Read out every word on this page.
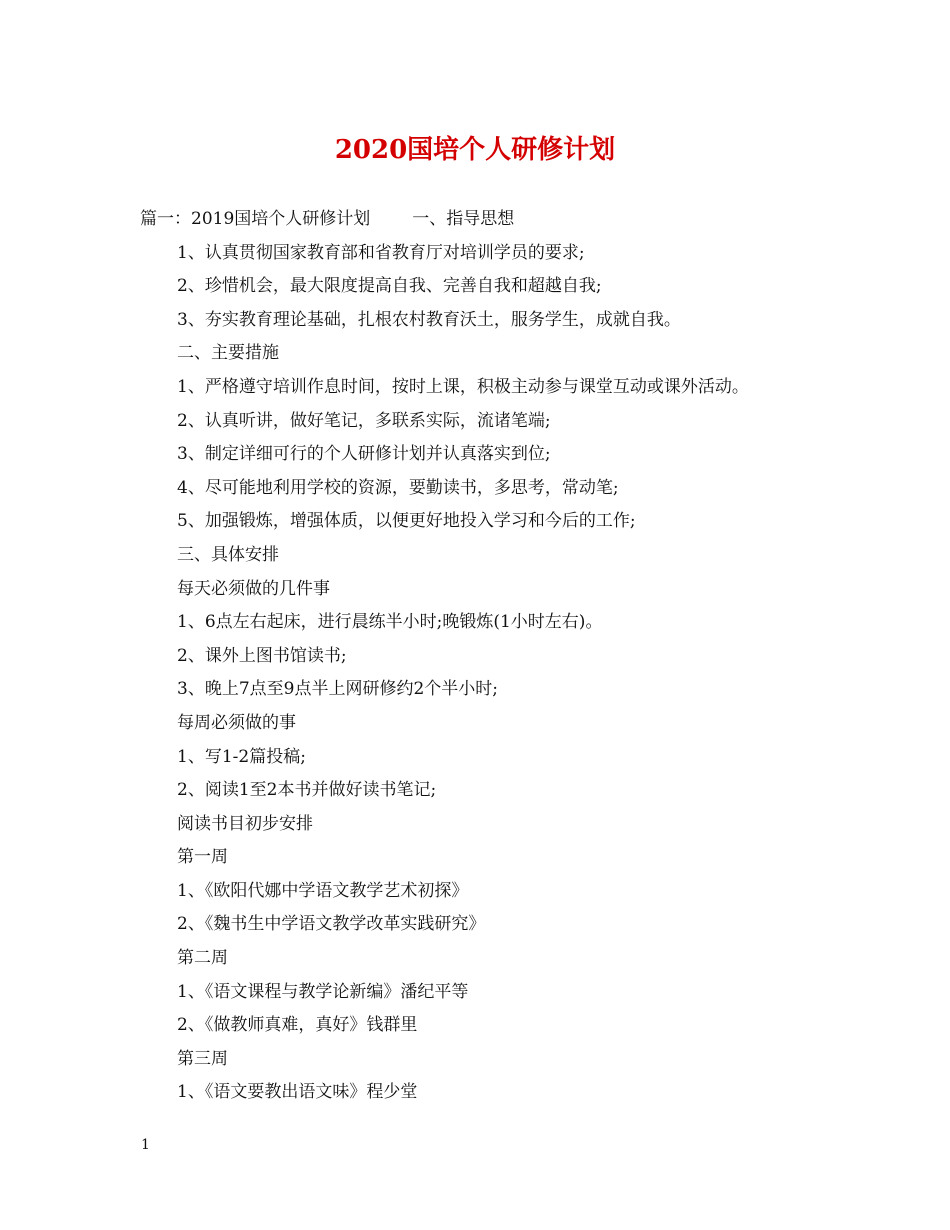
2020国培个人研修计划
篇一：2019国培个人研修计划 一、指导思想
1、认真贯彻国家教育部和省教育厅对培训学员的要求;
2、珍惜机会，最大限度提高自我、完善自我和超越自我;
3、夯实教育理论基础，扎根农村教育沃土，服务学生，成就自我。
二、主要措施
1、严格遵守培训作息时间，按时上课，积极主动参与课堂互动或课外活动。
2、认真听讲，做好笔记，多联系实际，流诸笔端;
3、制定详细可行的个人研修计划并认真落实到位;
4、尽可能地利用学校的资源，要勤读书，多思考，常动笔;
5、加强锻炼，增强体质，以便更好地投入学习和今后的工作;
三、具体安排
每天必须做的几件事
1、6点左右起床，进行晨练半小时;晚锻炼(1小时左右)。
2、课外上图书馆读书;
3、晚上7点至9点半上网研修约2个半小时;
每周必须做的事
1、写1-2篇投稿;
2、阅读1至2本书并做好读书笔记;
阅读书目初步安排
第一周
1、《欧阳代娜中学语文教学艺术初探》
2、《魏书生中学语文教学改革实践研究》
第二周
1、《语文课程与教学论新编》潘纪平等
2、《做教师真难，真好》钱群里
第三周
1、《语文要教出语文味》程少堂
1
